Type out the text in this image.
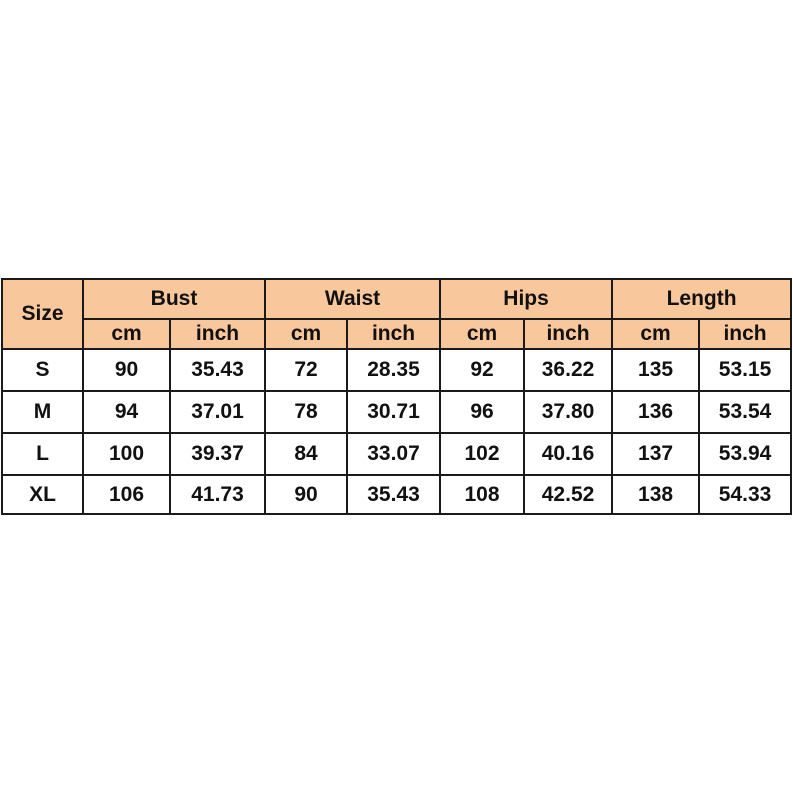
Size	Bust		Waist		Hips		Length	
	cm	inch	cm	inch	cm	inch	cm	inch
S	90	35.43	72	28.35	92	36.22	135	53.15
M	94	37.01	78	30.71	96	37.80	136	53.54
L	100	39.37	84	33.07	102	40.16	137	53.94
XL	106	41.73	90	35.43	108	42.52	138	54.33
